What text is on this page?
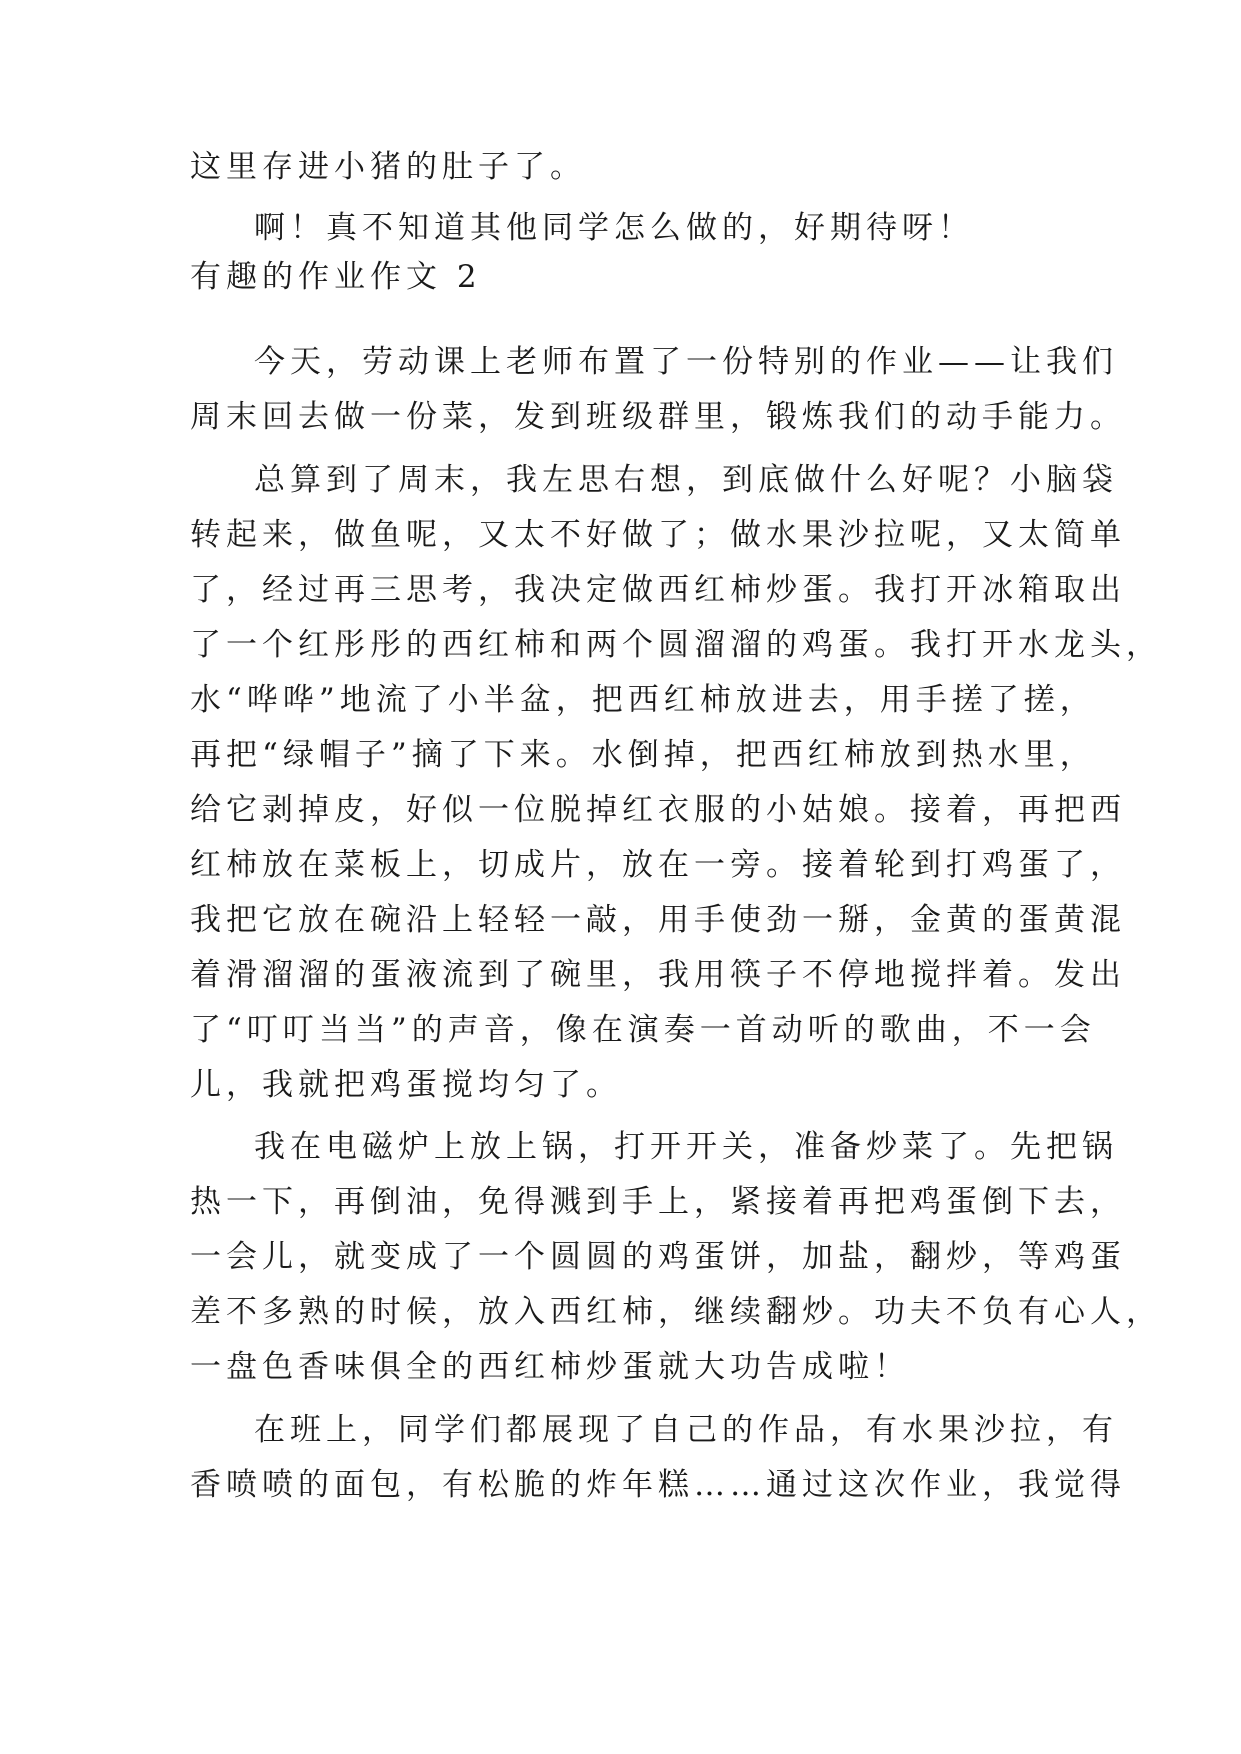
这里存进小猪的肚子了。
啊！真不知道其他同学怎么做的，好期待呀！
有趣的作业作文 2
今天，劳动课上老师布置了一份特别的作业——让我们
周末回去做一份菜，发到班级群里，锻炼我们的动手能力。
总算到了周末，我左思右想，到底做什么好呢？小脑袋
转起来，做鱼呢，又太不好做了；做水果沙拉呢，又太简单
了，经过再三思考，我决定做西红柿炒蛋。我打开冰箱取出
了一个红彤彤的西红柿和两个圆溜溜的鸡蛋。我打开水龙头，
水“哗哗”地流了小半盆，把西红柿放进去，用手搓了搓，
再把“绿帽子”摘了下来。水倒掉，把西红柿放到热水里，
给它剥掉皮，好似一位脱掉红衣服的小姑娘。接着，再把西
红柿放在菜板上，切成片，放在一旁。接着轮到打鸡蛋了，
我把它放在碗沿上轻轻一敲，用手使劲一掰，金黄的蛋黄混
着滑溜溜的蛋液流到了碗里，我用筷子不停地搅拌着。发出
了“叮叮当当”的声音，像在演奏一首动听的歌曲，不一会
儿，我就把鸡蛋搅均匀了。
我在电磁炉上放上锅，打开开关，准备炒菜了。先把锅
热一下，再倒油，免得溅到手上，紧接着再把鸡蛋倒下去，
一会儿，就变成了一个圆圆的鸡蛋饼，加盐，翻炒，等鸡蛋
差不多熟的时候，放入西红柿，继续翻炒。功夫不负有心人，
一盘色香味俱全的西红柿炒蛋就大功告成啦！
在班上，同学们都展现了自己的作品，有水果沙拉，有
香喷喷的面包，有松脆的炸年糕……通过这次作业，我觉得
